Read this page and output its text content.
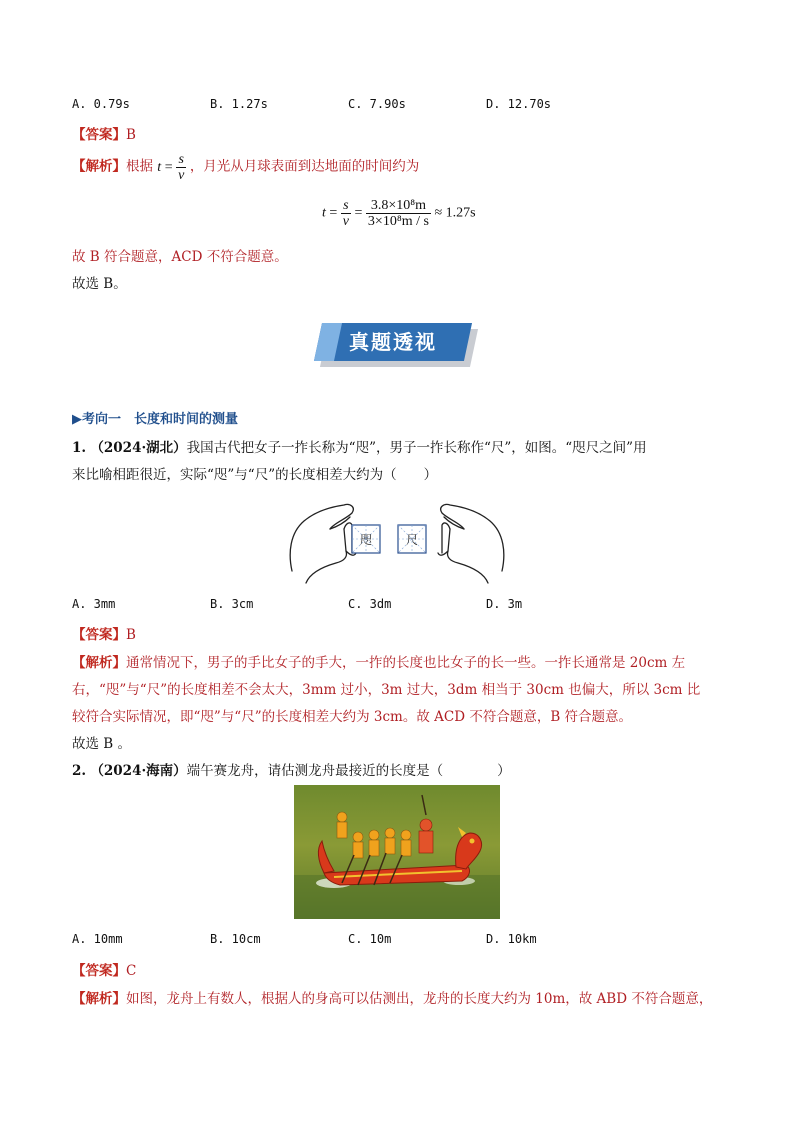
A. 0.79s	B. 1.27s	C. 7.90s	D. 12.70s
【答案】B
【解析】根据 $t = \frac{s}{v}$ ，月光从月球表面到达地面的时间约为
$t = \frac{s}{v} = \frac{\text{3.8×10⁸m}}{\text{3×10⁸m / s}} \approx 1.27s$
故 B 符合题意，ACD 不符合题意。
故选 B。
真题透视
▶考向一　长度和时间的测量
1. （2024·湖北）我国古代把女子一拃长称为“咫”，男子一拃长称作“尺”，如图。“咫尺之间”用
来比喻相距很近，实际“咫”与“尺”的长度相差大约为（　　）
咫	尺
A. 3mm	B. 3cm	C. 3dm	D. 3m
【答案】B
【解析】通常情况下，男子的手比女子的手大，一拃的长度也比女子的长一些。一拃长通常是 20cm 左
右，“咫”与“尺”的长度相差不会太大，3mm 过小，3m 过大，3dm 相当于 30cm 也偏大，所以 3cm 比
较符合实际情况，即“咫”与“尺”的长度相差大约为 3cm。故 ACD 不符合题意，B 符合题意。
故选 B 。
2. （2024·海南）端午赛龙舟，请估测龙舟最接近的长度是（　　　　）
A. 10mm	B. 10cm	C. 10m	D. 10km
【答案】C
【解析】如图，龙舟上有数人，根据人的身高可以估测出，龙舟的长度大约为 10m，故 ABD 不符合题意，
